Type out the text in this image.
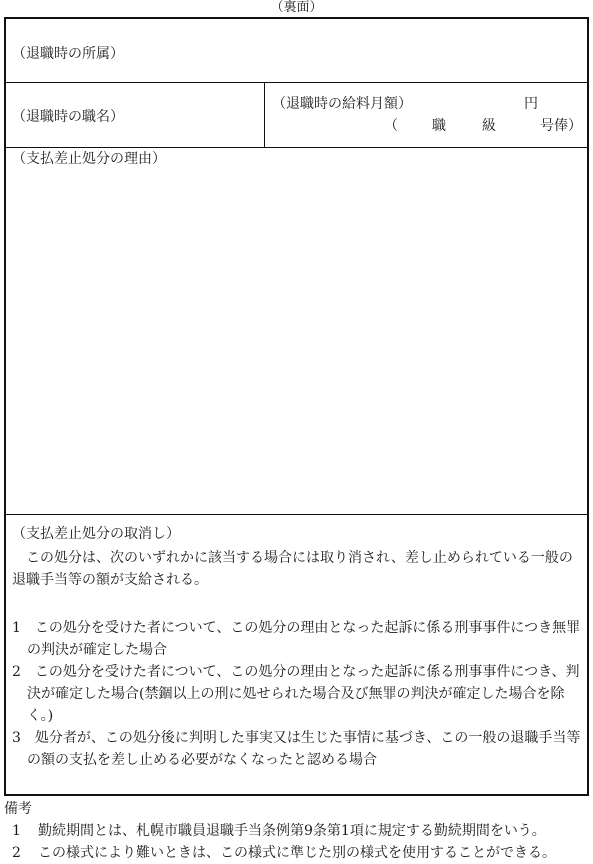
（裏面）
（退職時の所属）
（退職時の職名）
（退職時の給料月額）	円
（ 職	級	号俸）
（支払差止処分の理由）
（支払差止処分の取消し）
この処分は、次のいずれかに該当する場合には取り消され、差し止められている一般の退職手当等の額が支給される。
1　 この処分を受けた者について、この処分の理由となった起訴に係る刑事事件につき無罪の判決が確定した場合
2　 この処分を受けた者について、この処分の理由となった起訴に係る刑事事件につき、判決が確定した場合(禁錮以上の刑に処せられた場合及び無罪の判決が確定した場合を除く。)
3　 処分者が、この処分後に判明した事実又は生じた事情に基づき、この一般の退職手当等の額の支払を差し止める必要がなくなったと認める場合
備考
1 勤続期間とは、札幌市職員退職手当条例第9条第1項に規定する勤続期間をいう。
2 この様式により難いときは、この様式に準じた別の様式を使用することができる。
